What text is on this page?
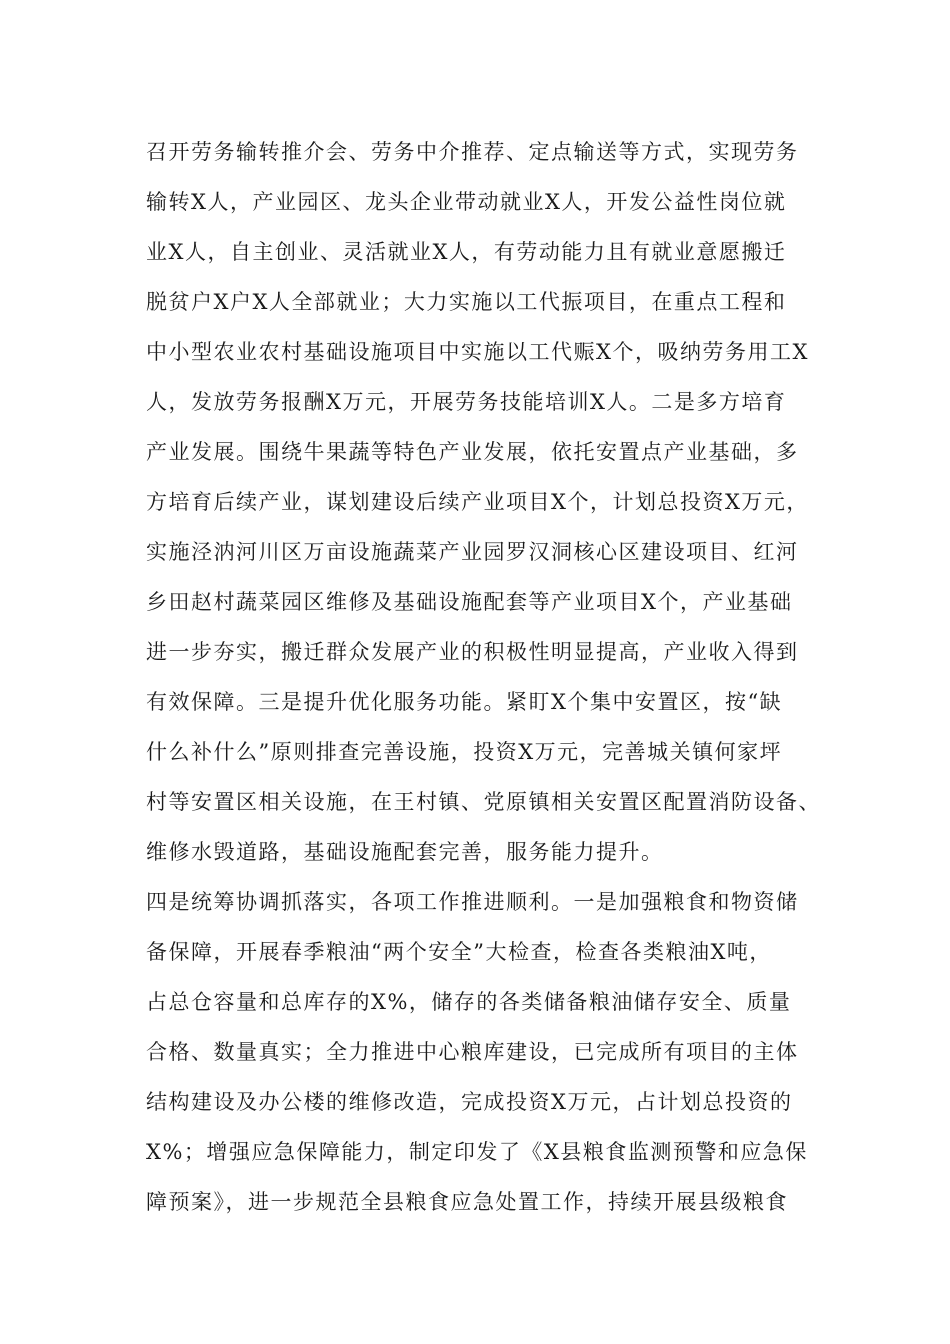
召开劳务输转推介会、劳务中介推荐、定点输送等方式，实现劳务
输转X人，产业园区、龙头企业带动就业X人，开发公益性岗位就
业X人，自主创业、灵活就业X人，有劳动能力且有就业意愿搬迁
脱贫户X户X人全部就业；大力实施以工代振项目，在重点工程和
中小型农业农村基础设施项目中实施以工代赈X个，吸纳劳务用工X
人，发放劳务报酬X万元，开展劳务技能培训X人。二是多方培育
产业发展。围绕牛果蔬等特色产业发展，依托安置点产业基础，多
方培育后续产业，谋划建设后续产业项目X个，计划总投资X万元，
实施泾汭河川区万亩设施蔬菜产业园罗汉洞核心区建设项目、红河
乡田赵村蔬菜园区维修及基础设施配套等产业项目X个，产业基础
进一步夯实，搬迁群众发展产业的积极性明显提高，产业收入得到
有效保障。三是提升优化服务功能。紧盯X个集中安置区，按“缺
什么补什么”原则排查完善设施，投资X万元，完善城关镇何家坪
村等安置区相关设施，在王村镇、党原镇相关安置区配置消防设备、
维修水毁道路，基础设施配套完善，服务能力提升。
四是统筹协调抓落实，各项工作推进顺利。一是加强粮食和物资储
备保障，开展春季粮油“两个安全”大检查，检查各类粮油X吨，
占总仓容量和总库存的X%，储存的各类储备粮油储存安全、质量
合格、数量真实；全力推进中心粮库建设，已完成所有项目的主体
结构建设及办公楼的维修改造，完成投资X万元，占计划总投资的
X%；增强应急保障能力，制定印发了《X县粮食监测预警和应急保
障预案》，进一步规范全县粮食应急处置工作，持续开展县级粮食
